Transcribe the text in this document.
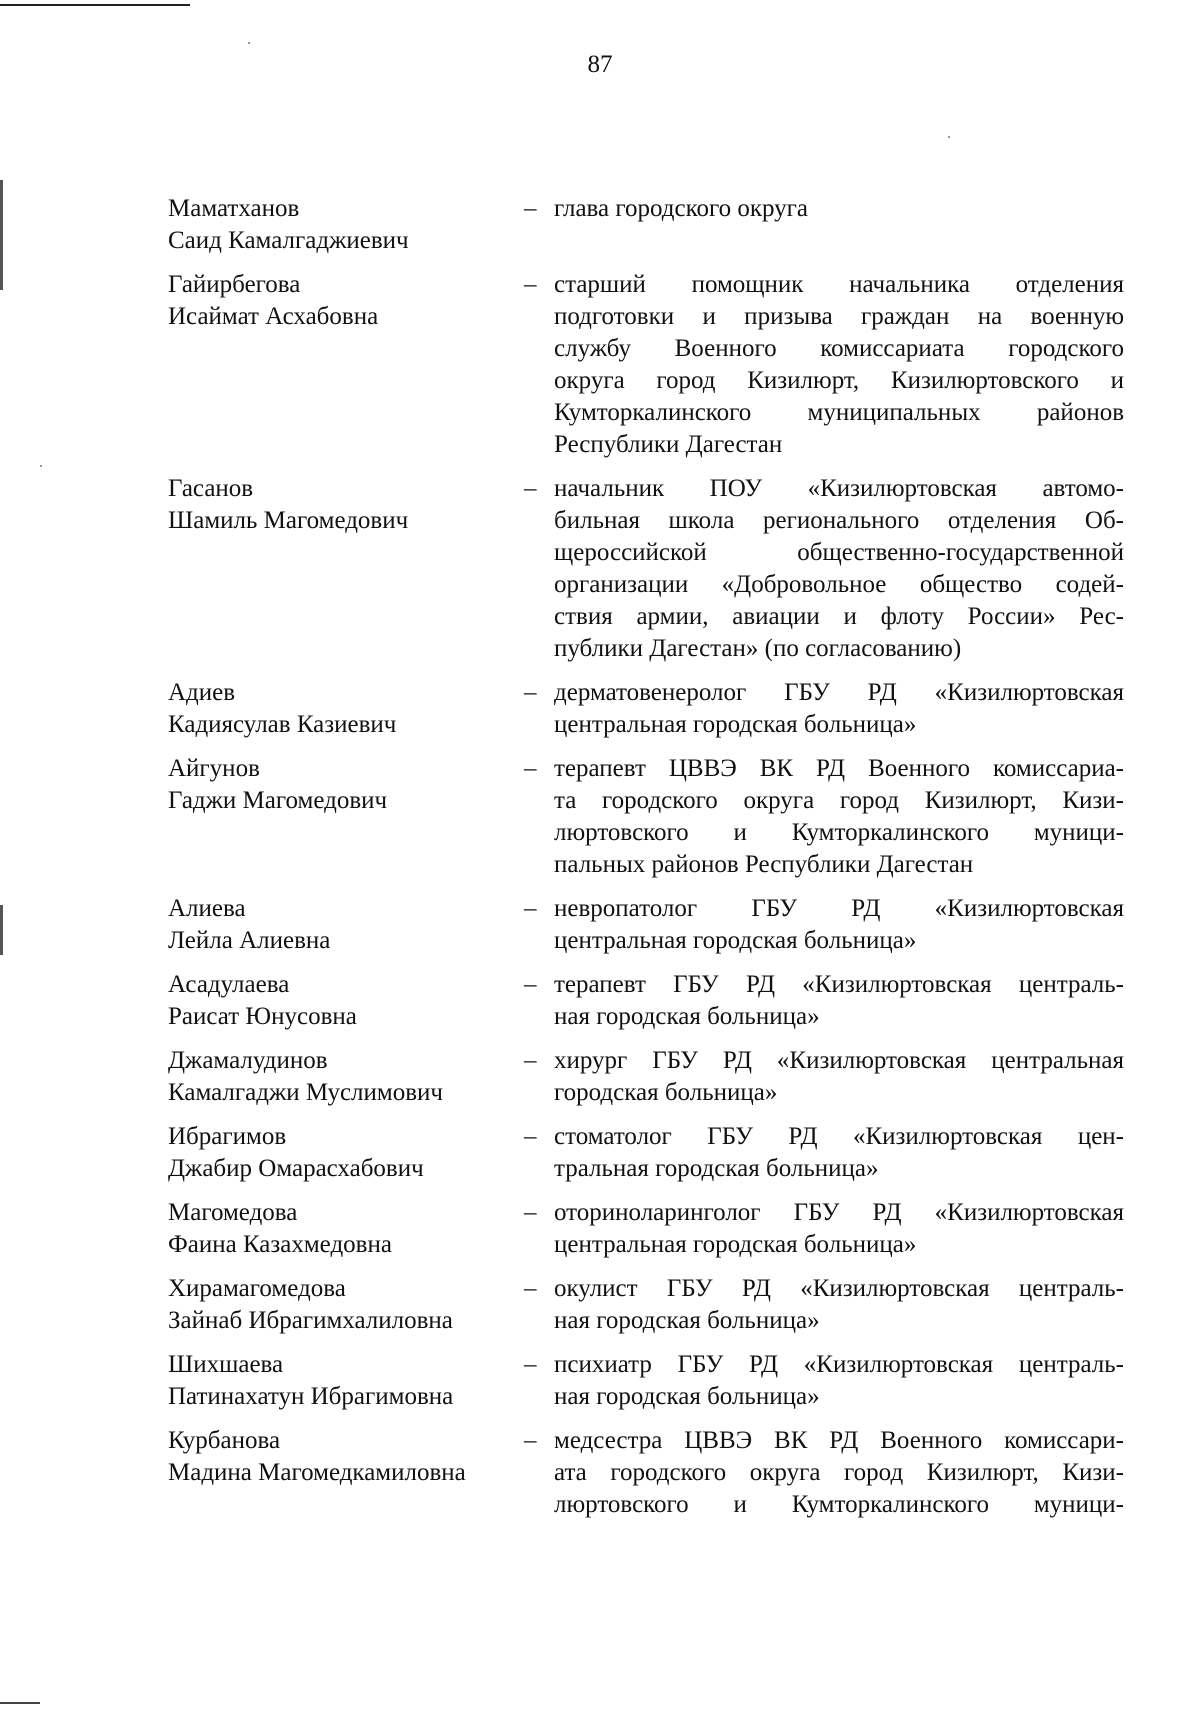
87
Маматханов
Саид Камалгаджиевич
– глава городского округа
Гайирбегова
Исаймат Асхабовна
– старший помощник начальника отделения
подготовки и призыва граждан на военную
службу Военного комиссариата городского
округа город Кизилюрт, Кизилюртовского и
Кумторкалинского муниципальных районов
Республики Дагестан
Гасанов
Шамиль Магомедович
– начальник ПОУ «Кизилюртовская автомо-
бильная школа регионального отделения Об-
щероссийской общественно-государственной
организации «Добровольное общество содей-
ствия армии, авиации и флоту России» Рес-
публики Дагестан» (по согласованию)
Адиев
Кадиясулав Казиевич
– дерматовенеролог ГБУ РД «Кизилюртовская
центральная городская больница»
Айгунов
Гаджи Магомедович
– терапевт ЦВВЭ ВК РД Военного комиссариа-
та городского округа город Кизилюрт, Кизи-
люртовского и Кумторкалинского муници-
пальных районов Республики Дагестан
Алиева
Лейла Алиевна
– невропатолог ГБУ РД «Кизилюртовская
центральная городская больница»
Асадулаева
Раисат Юнусовна
– терапевт ГБУ РД «Кизилюртовская централь-
ная городская больница»
Джамалудинов
Камалгаджи Муслимович
– хирург ГБУ РД «Кизилюртовская центральная
городская больница»
Ибрагимов
Джабир Омарасхабович
– стоматолог ГБУ РД «Кизилюртовская цен-
тральная городская больница»
Магомедова
Фаина Казахмедовна
– оториноларинголог ГБУ РД «Кизилюртовская
центральная городская больница»
Хирамагомедова
Зайнаб Ибрагимхалиловна
– окулист ГБУ РД «Кизилюртовская централь-
ная городская больница»
Шихшаева
Патинахатун Ибрагимовна
– психиатр ГБУ РД «Кизилюртовская централь-
ная городская больница»
Курбанова
Мадина Магомедкамиловна
– медсестра ЦВВЭ ВК РД Военного комиссари-
ата городского округа город Кизилюрт, Кизи-
люртовского и Кумторкалинского муници-
